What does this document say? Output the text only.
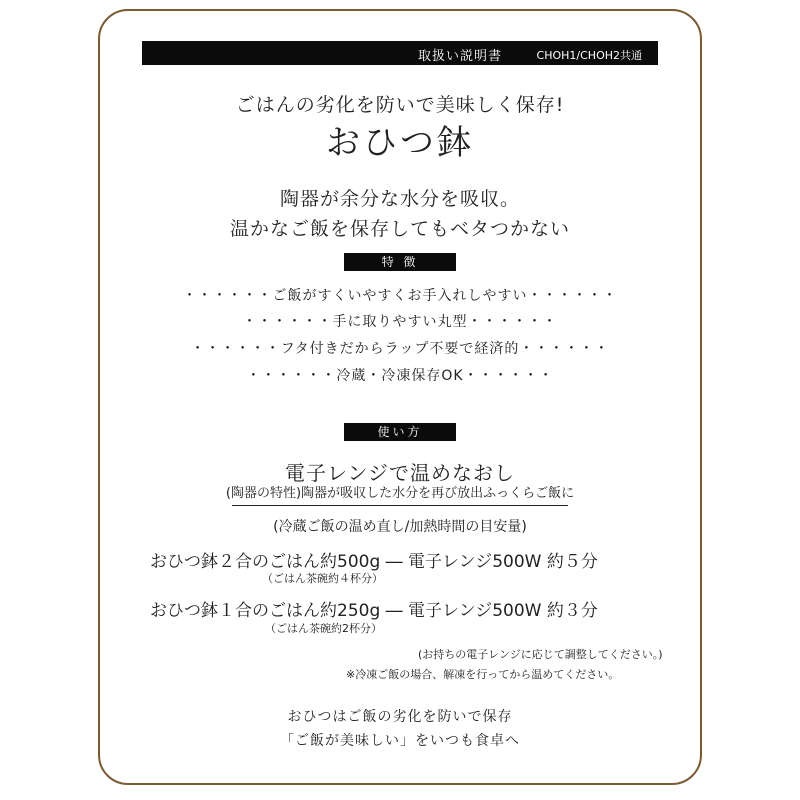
取扱い説明書	CHOH1/CHOH2共通
ごはんの劣化を防いで美味しく保存!
おひつ鉢
陶器が余分な水分を吸収。
温かなご飯を保存してもベタつかない
特 徴
・・・・・・ご飯がすくいやすくお手入れしやすい・・・・・・
・・・・・・手に取りやすい丸型・・・・・・
・・・・・・フタ付きだからラップ不要で経済的・・・・・・
・・・・・・冷蔵・冷凍保存OK・・・・・・
使い方
電子レンジで温めなおし
(陶器の特性)陶器が吸収した水分を再び放出ふっくらご飯に
(冷蔵ご飯の温め直し/加熱時間の目安量)
おひつ鉢２合のごはん約500g ― 電子レンジ500W 約５分
（ごはん茶碗約４杯分）
おひつ鉢１合のごはん約250g ― 電子レンジ500W 約３分
（ごはん茶碗約2杯分）
(お持ちの電子レンジに応じて調整してください。)
※冷凍ご飯の場合、解凍を行ってから温めてください。
おひつはご飯の劣化を防いで保存
「ご飯が美味しい」をいつも食卓へ
